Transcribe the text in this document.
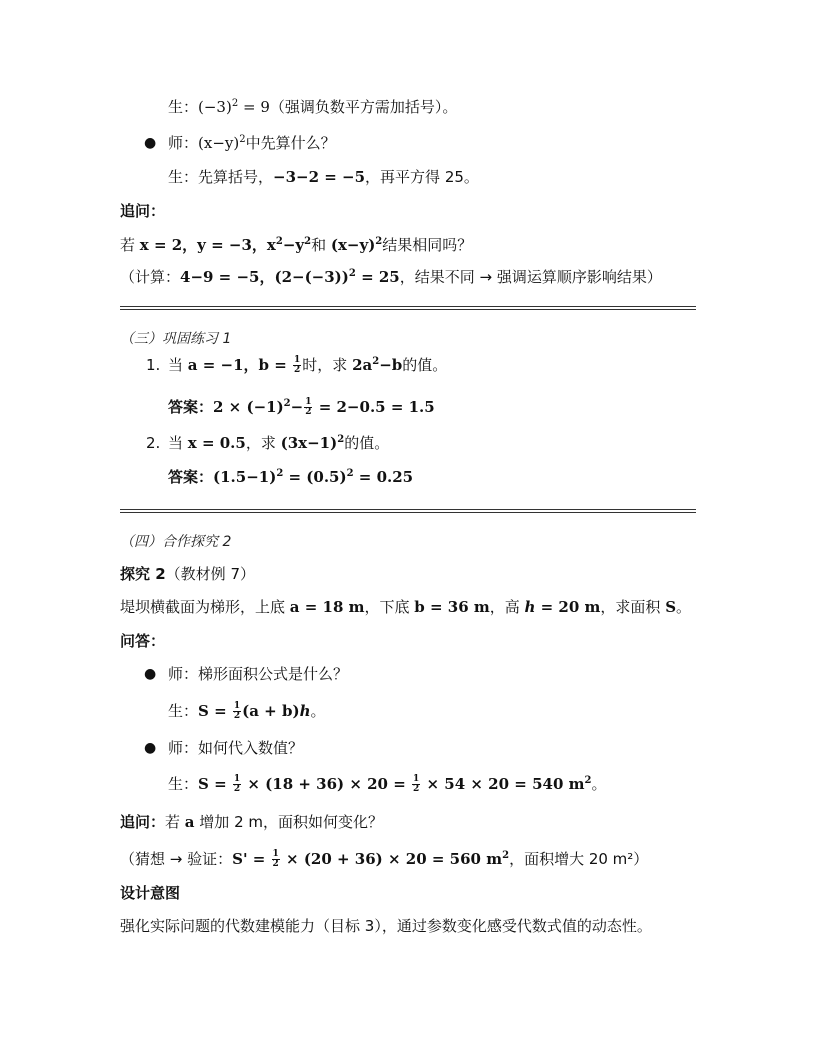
生：$(-3)^2 = 9$（强调负数平方需加括号）。
● 师：$(x-y)^2$中先算什么？
生：先算括号，−3−2 = −5，再平方得 25。
追问：
若 x = 2，y = −3，$x^2-y^2$和 $(x-y)^2$结果相同吗？
（计算：4−9 = −5，$(2-(-3))^2 = 25$，结果不同 → 强调运算顺序影响结果）
（三）巩固练习 1
1. 当 a = −1，$b = \frac{1}{2}$ 时，求 $2a^2-b$的值。
答案：$2 \times (-1)^2- \frac{1}{2} = 2-0.5 = 1.5$
2. 当 x = 0.5，求 $(3x-1)^2$的值。
答案：$(1.5-1)^2 = (0.5)^2 = 0.25$
（四）合作探究 2
探究 2（教材例 7）
堤坝横截面为梯形，上底 a = 18 m，下底 b = 36 m，高 h = 20 m，求面积 S。
问答：
● 师：梯形面积公式是什么？
生：$S = \frac{1}{2} (a + b)h$。
● 师：如何代入数值？
生：$S = \frac{1}{2} \times (18 + 36) \times 20 = \frac{1}{2} \times 54 \times 20 = 540$ $m^2$。
追问：若 a 增加 2 m，面积如何变化？
（猜想 → 验证：$S' = \frac{1}{2} \times (20 + 36) \times 20 = 560$ $m^2$，面积增大 20 m²）
设计意图
强化实际问题的代数建模能力（目标 3），通过参数变化感受代数式值的动态性。
